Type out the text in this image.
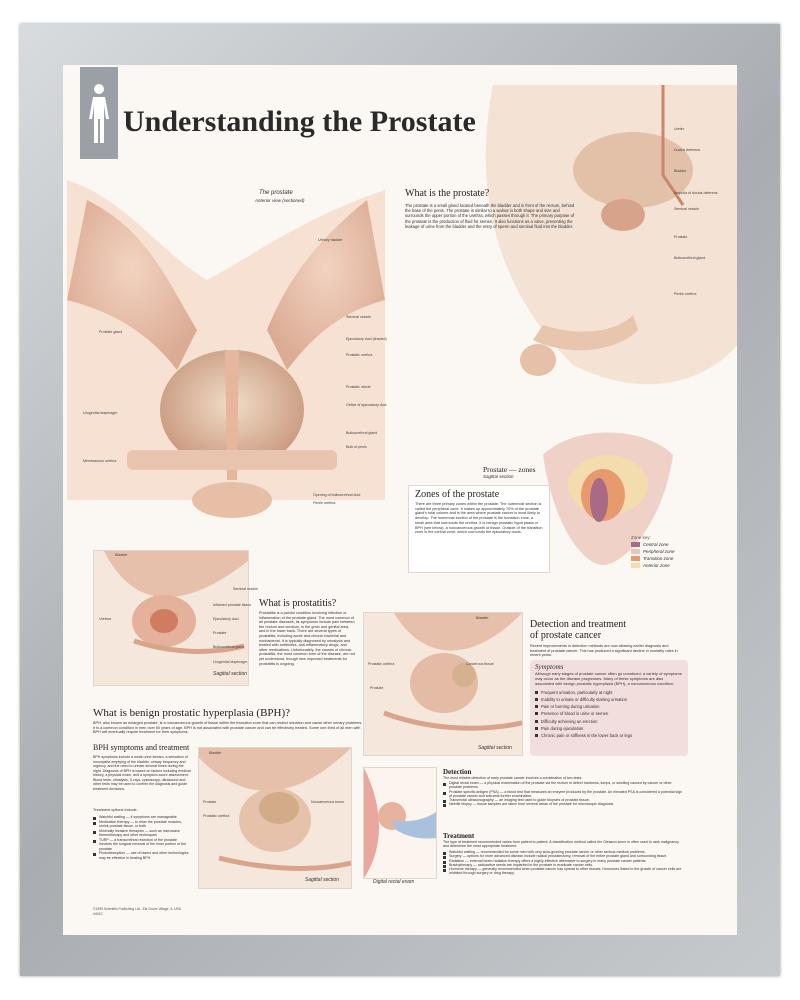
Understanding the Prostate
The prostate
Anterior view (sectioned)
Urinary bladder
Seminal vesicle
Ejaculatory duct (shaded)
Prostatic urethra
Prostate gland
Prostatic utricle
Orifice of ejaculatory duct
Urogenital diaphragm
Bulbourethral gland
Membranous urethra
Bulb of penis
Opening of bulbourethral duct
Penile urethra
Ureter
Ductus deferens
Bladder
Ampulla of ductus deferens
Seminal vesicle
Prostate
Bulbourethral gland
Penile urethra
What is the prostate?
The prostate is a small gland located beneath the bladder and in front of the rectum, behind the base of the penis. The prostate is similar to a walnut in both shape and size and surrounds the upper portion of the urethra, which passes through it. The primary purpose of the prostate is the production of fluid for semen. It also functions as a valve, preventing the leakage of urine from the bladder and the entry of sperm and seminal fluid into the bladder.
Prostate — zones
Sagittal section
Zones of the prostate
There are three primary zones within the prostate. The outermost section is called the peripheral zone. It makes up approximately 70% of the prostate gland's total volume and is the area where prostate cancer is most likely to develop. The innermost section of the prostate is the transition zone, a small area that surrounds the urethra. It is benign prostatic hyperplasia or BPH (see below), a noncancerous growth of tissue. Outside of the transition zone is the central zone, which surrounds the ejaculatory ducts.
Zone key:
Central zone
Peripheral zone
Transition zone
Anterior zone
Bladder
Seminal vesicle
Inflamed prostate tissue
Ejaculatory duct
Prostate
Bulbourethral gland
Urogenital diaphragm
Urethra
Sagittal section
What is prostatitis?
Prostatitis is a painful condition involving infection or inflammation of the prostate gland. The most common of all prostate diseases, its symptoms include pain between the rectum and scrotum, in the groin and genital area, and in the lower back. There are several types of prostatitis, including acute and chronic bacterial and nonbacterial. It is typically diagnosed by urinalysis and treated with antibiotics, anti-inflammatory drugs, and other medications. Unfortunately, the causes of chronic prostatitis, the most common form of the disease, are not yet understood, though new improved treatments for prostatitis is ongoing.
Bladder
Prostatic urethra	Cancerous tissue
Prostate
Sagittal section
Detection and treatment
of prostate cancer
Recent improvements in detection methods are now allowing earlier diagnosis and treatment of prostate cancer. This has produced a significant decline in mortality rates in recent years.
Symptoms
Although early stages of prostate cancer often go unnoticed, a variety of symptoms may occur as the disease progresses. Many of these symptoms are also associated with benign prostatic hyperplasia (BPH), a noncancerous condition.
Frequent urination, particularly at night
Inability to urinate or difficulty starting urination
Pain or burning during urination
Presence of blood in urine or semen
Difficulty achieving an erection
Pain during ejaculation
Chronic pain or stiffness in the lower back or legs
What is benign prostatic hyperplasia (BPH)?
BPH, also known as enlarged prostate, is a noncancerous growth of tissue within the transition zone that can restrict urination and cause other urinary problems. It is a common condition in men over 50 years of age. BPH is not associated with prostate cancer and can be effectively treated. Some one-third of all men with BPH will eventually require treatment for their symptoms.
BPH symptoms and treatment
BPH symptoms include a weak urine stream, a sensation of incomplete emptying of the bladder, urinary frequency and urgency, and the need to urinate several times during the night. Diagnosis of BPH is based on factors including medical history, a physical exam, and a symptom-score assessment. Blood tests, urinalysis, X-rays, cystoscopy, ultrasound and other tests may be used to confirm the diagnosis and guide treatment decisions.
Treatment options include:
Watchful waiting — if symptoms are manageable
Medication therapy — to relax the prostate muscles, shrink prostate tissue, or both
Minimally invasive therapies — such as microwave thermotherapy and other techniques
TURP — a transurethral resection of the prostate involves the surgical removal of the inner portion of the prostate
Photodesruption — use of lasers and other technologies may be effective in treating BPH
Bladder
Noncancerous tumor
Prostate
Prostatic urethra
Sagittal section	Digital rectal exam
Detection
The most reliable detection of early prostate cancer involves a combination of two tests:
Digital rectal exam — a physical examination of the prostate via the rectum to detect hardness, lumps, or swelling caused by cancer or other prostate problems.
Prostate specific antigen (PSA) — a blood test that measures an enzyme produced by the prostate. An elevated PSA is considered a potential sign of prostate cancer and warrants further examination.
Transrectal ultrasonography — an imaging test used to guide biopsies of prostate tissue.
Needle biopsy — tissue samples are taken from several areas of the prostate for microscopic diagnosis.
Treatment
The type of treatment recommended varies from patient to patient. A classification method called the Gleason score is often used to rank malignancy and determine the most appropriate treatment.
Watchful waiting — recommended for some men with very slow-growing prostate cancer or other serious medical problems.
Surgery — options for more advanced disease include radical prostatectomy, removal of the entire prostate gland and surrounding tissue.
Radiation — external beam radiation therapy offers a highly effective alternative to surgery in many prostate cancer patients.
Brachytherapy — radioactive seeds are implanted in the prostate to eradicate cancer cells.
Hormone therapy — generally recommended when prostate cancer has spread to other tissues. Hormones linked to the growth of cancer cells are inhibited through surgery or drug therapy.
©1999 Scientific Publishing Ltd., Elk Grove Village, IL USA
4401C
